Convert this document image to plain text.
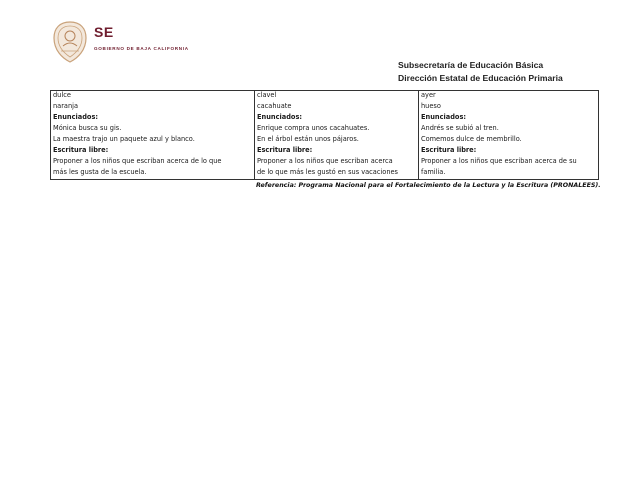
SE
GOBIERNO DE BAJA CALIFORNIA
Subsecretaría de Educación Básica
Dirección Estatal de Educación Primaria
dulce
naranja
Enunciados:
Mónica busca su gis.
La maestra trajo un paquete azul y blanco.
Escritura libre:
Proponer a los niños que escriban acerca de lo que
más les gusta de la escuela.

clavel
cacahuate
Enunciados:
Enrique compra unos cacahuates.
En el árbol están unos pájaros.
Escritura libre:
Proponer a los niños que escriban acerca
de lo que más les gustó en sus vacaciones

ayer
hueso
Enunciados:
Andrés se subió al tren.
Comemos dulce de membrillo.
Escritura libre:
Proponer a los niños que escriban acerca de su
familia.
Referencia: Programa Nacional para el Fortalecimiento de la Lectura y la Escritura (PRONALEES).
